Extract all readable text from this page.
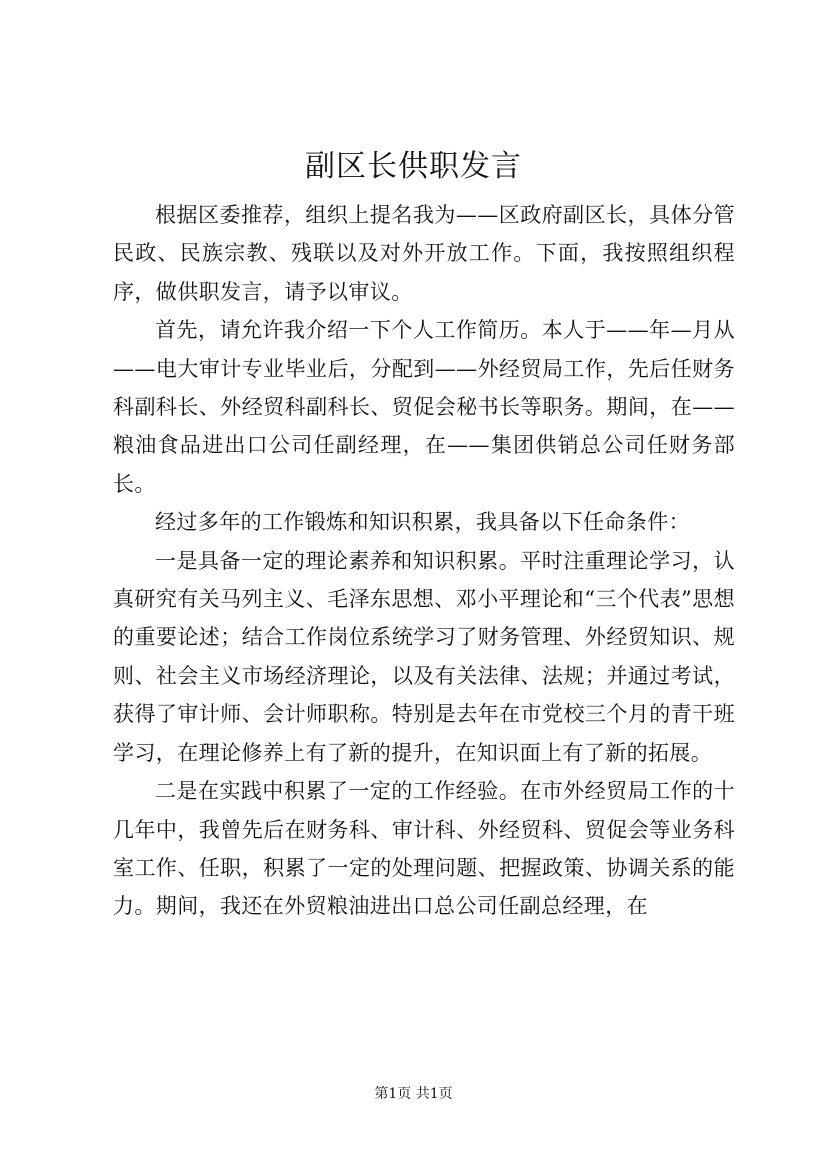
副区长供职发言

根据区委推荐，组织上提名我为——区政府副区长，具体分管民政、民族宗教、残联以及对外开放工作。下面，我按照组织程序，做供职发言，请予以审议。

首先，请允许我介绍一下个人工作简历。本人于——年—月从——电大审计专业毕业后，分配到——外经贸局工作，先后任财务科副科长、外经贸科副科长、贸促会秘书长等职务。期间，在——粮油食品进出口公司任副经理，在——集团供销总公司任财务部长。

经过多年的工作锻炼和知识积累，我具备以下任命条件：

一是具备一定的理论素养和知识积累。平时注重理论学习，认真研究有关马列主义、毛泽东思想、邓小平理论和“三个代表”思想的重要论述；结合工作岗位系统学习了财务管理、外经贸知识、规则、社会主义市场经济理论，以及有关法律、法规；并通过考试，获得了审计师、会计师职称。特别是去年在市党校三个月的青干班学习，在理论修养上有了新的提升，在知识面上有了新的拓展。

二是在实践中积累了一定的工作经验。在市外经贸局工作的十几年中，我曾先后在财务科、审计科、外经贸科、贸促会等业务科室工作、任职，积累了一定的处理问题、把握政策、协调关系的能力。期间，我还在外贸粮油进出口总公司任副总经理，在

第1页 共1页
